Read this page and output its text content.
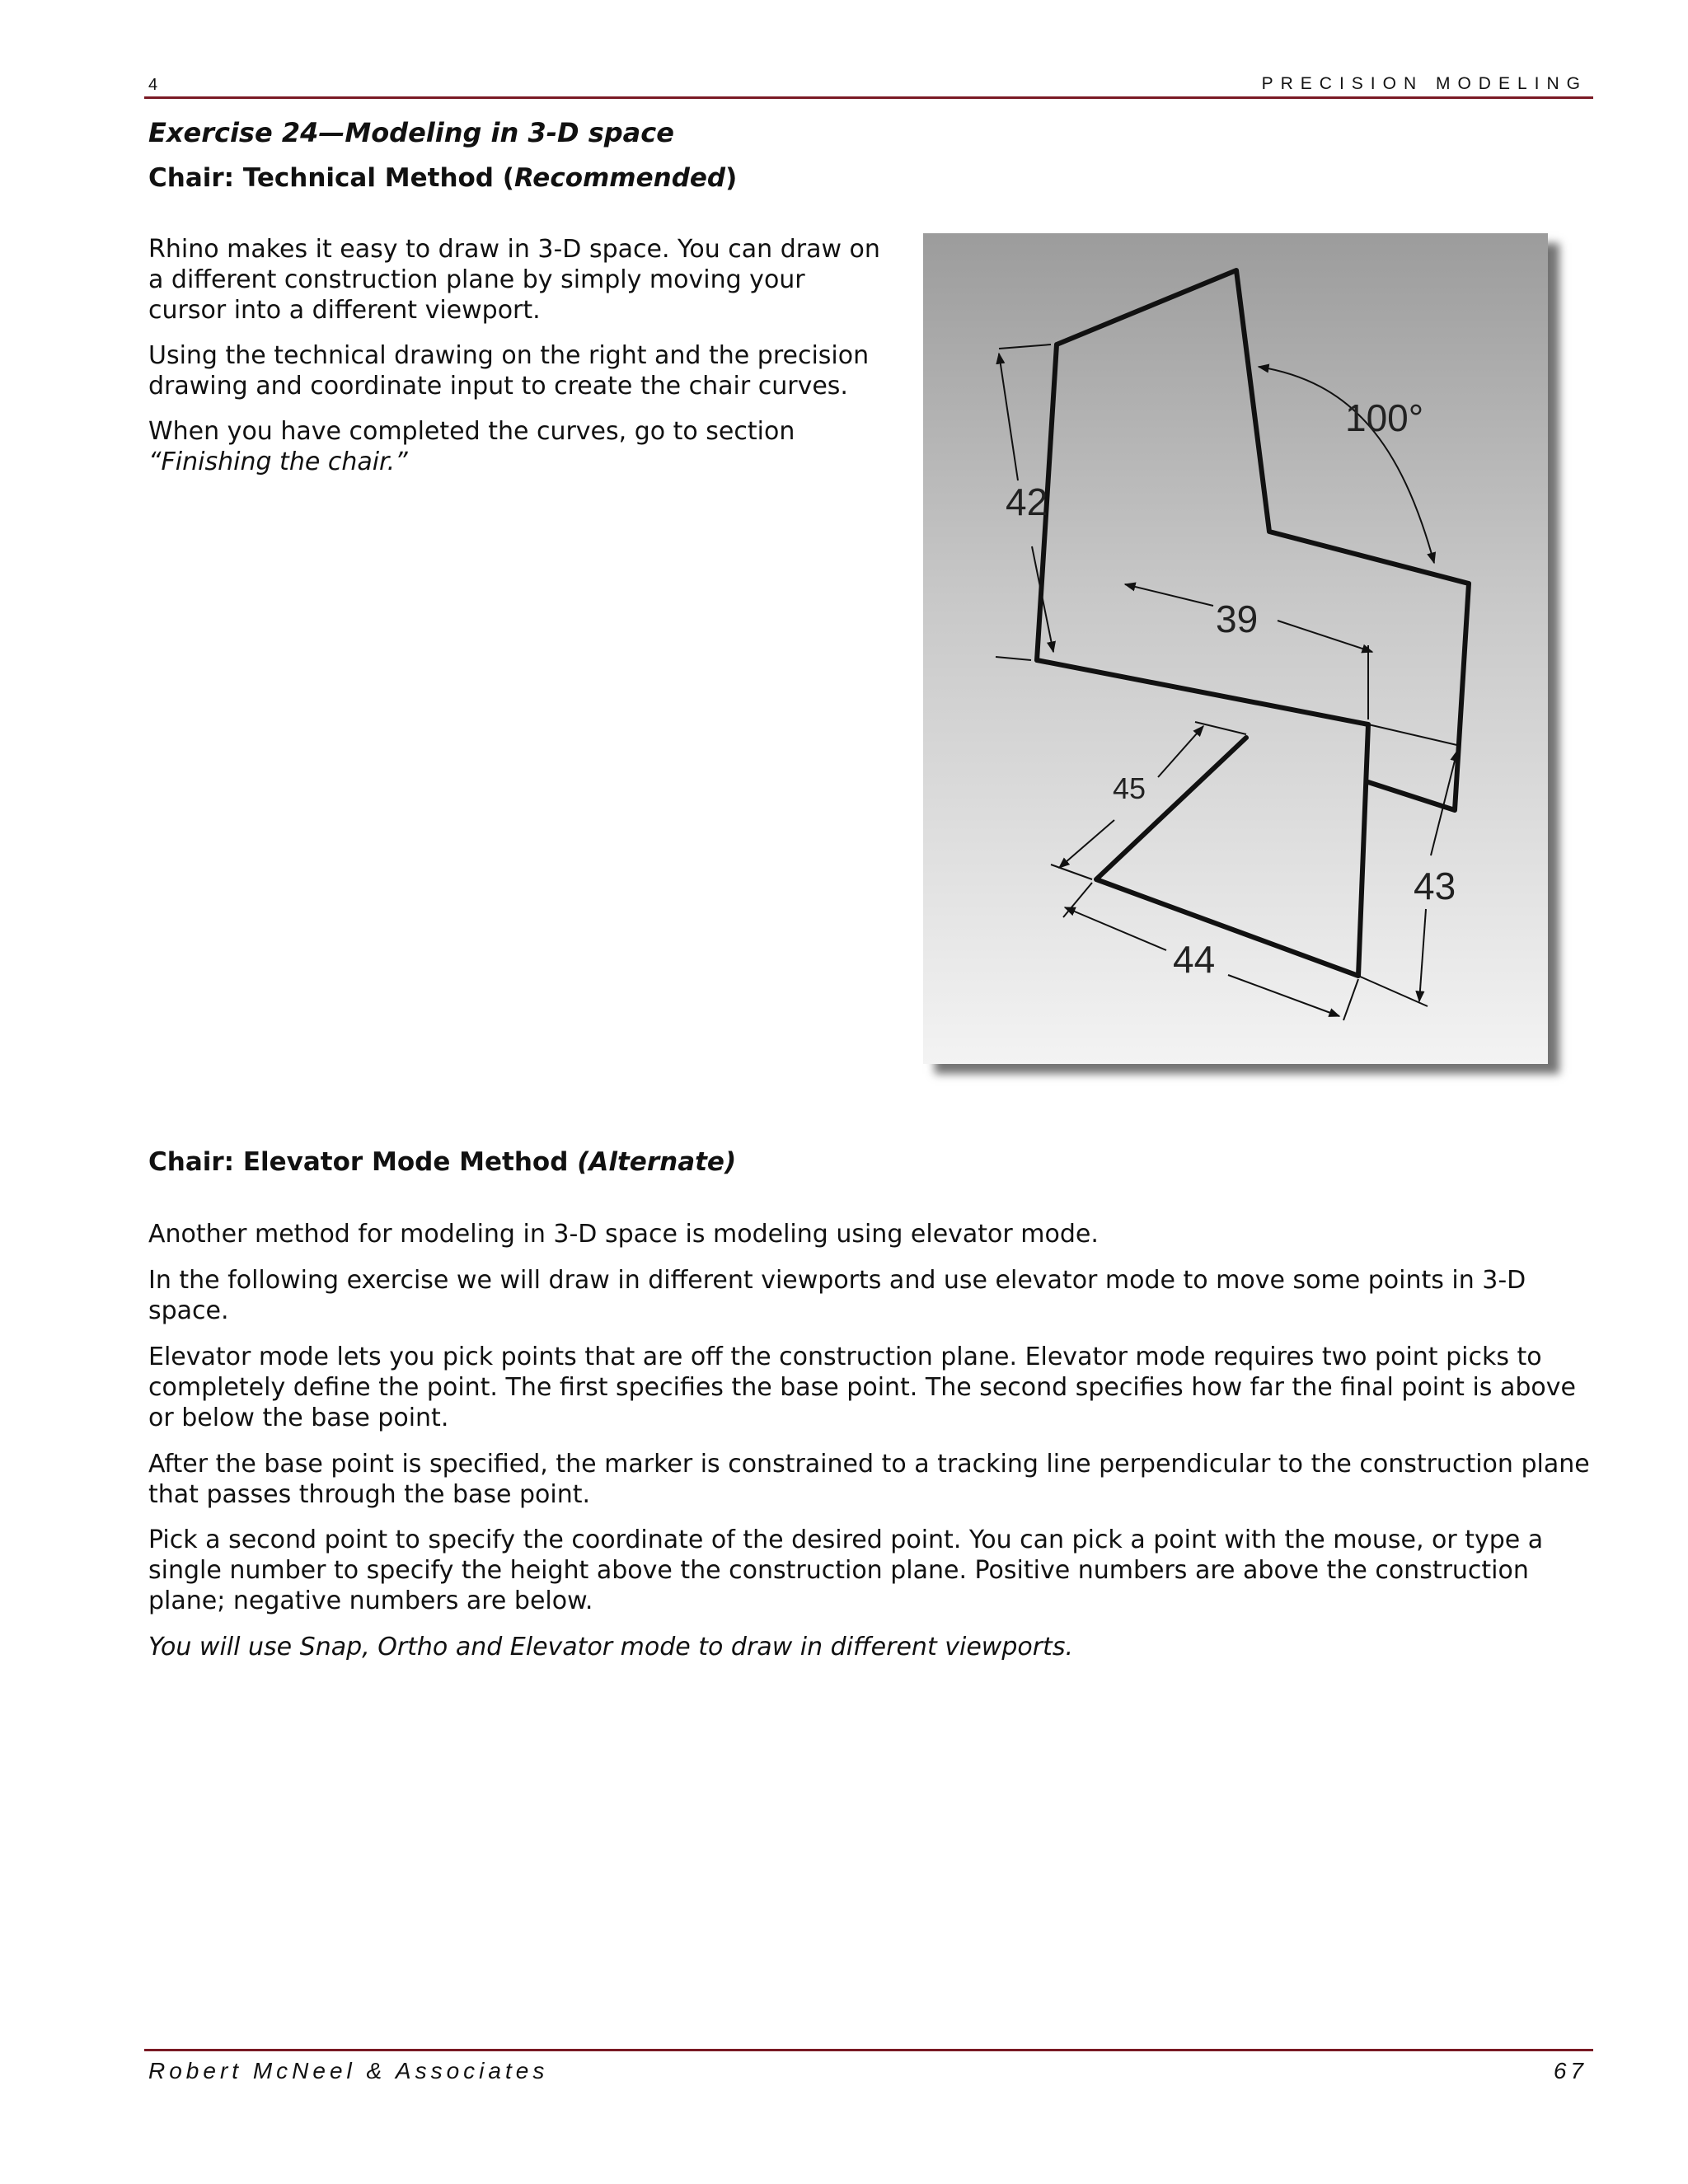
4	PRECISION MODELING
Exercise 24—Modeling in 3-D space
Chair: Technical Method (Recommended)
Rhino makes it easy to draw in 3-D space. You can draw on a different construction plane by simply moving your cursor into a different viewport.
Using the technical drawing on the right and the precision drawing and coordinate input to create the chair curves.
When you have completed the curves, go to section “Finishing the chair.”
42
100°
39
45
43
44
Chair: Elevator Mode Method (Alternate)
Another method for modeling in 3-D space is modeling using elevator mode.
In the following exercise we will draw in different viewports and use elevator mode to move some points in 3-D space.
Elevator mode lets you pick points that are off the construction plane. Elevator mode requires two point picks to completely define the point. The first specifies the base point. The second specifies how far the final point is above or below the base point.
After the base point is specified, the marker is constrained to a tracking line perpendicular to the construction plane that passes through the base point.
Pick a second point to specify the coordinate of the desired point. You can pick a point with the mouse, or type a single number to specify the height above the construction plane. Positive numbers are above the construction plane; negative numbers are below.
You will use Snap, Ortho and Elevator mode to draw in different viewports.
Robert McNeel & Associates	67
